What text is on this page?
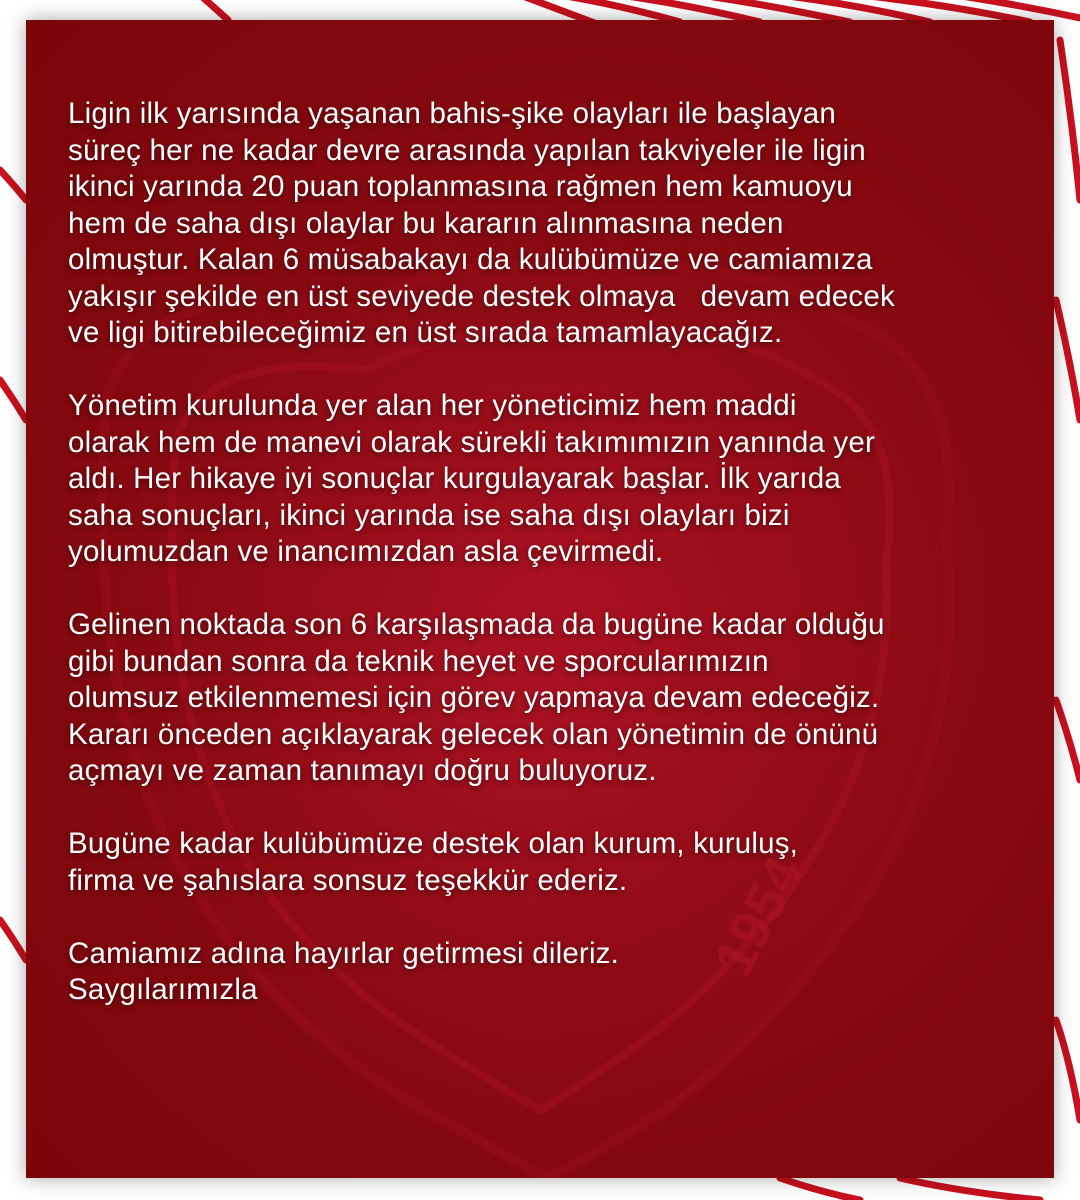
1954

Ligin ilk yarısında yaşanan bahis-şike olayları ile başlayan
süreç her ne kadar devre arasında yapılan takviyeler ile ligin
ikinci yarında 20 puan toplanmasına rağmen hem kamuoyu
hem de saha dışı olaylar bu kararın alınmasına neden
olmuştur. Kalan 6 müsabakayı da kulübümüze ve camiamıza
yakışır şekilde en üst seviyede destek olmaya   devam edecek
ve ligi bitirebileceğimiz en üst sırada tamamlayacağız.

Yönetim kurulunda yer alan her yöneticimiz hem maddi
olarak hem de manevi olarak sürekli takımımızın yanında yer
aldı. Her hikaye iyi sonuçlar kurgulayarak başlar. İlk yarıda
saha sonuçları, ikinci yarında ise saha dışı olayları bizi
yolumuzdan ve inancımızdan asla çevirmedi.

Gelinen noktada son 6 karşılaşmada da bugüne kadar olduğu
gibi bundan sonra da teknik heyet ve sporcularımızın
olumsuz etkilenmemesi için görev yapmaya devam edeceğiz.
Kararı önceden açıklayarak gelecek olan yönetimin de önünü
açmayı ve zaman tanımayı doğru buluyoruz.

Bugüne kadar kulübümüze destek olan kurum, kuruluş,
firma ve şahıslara sonsuz teşekkür ederiz.

Camiamız adına hayırlar getirmesi dileriz.
Saygılarımızla
